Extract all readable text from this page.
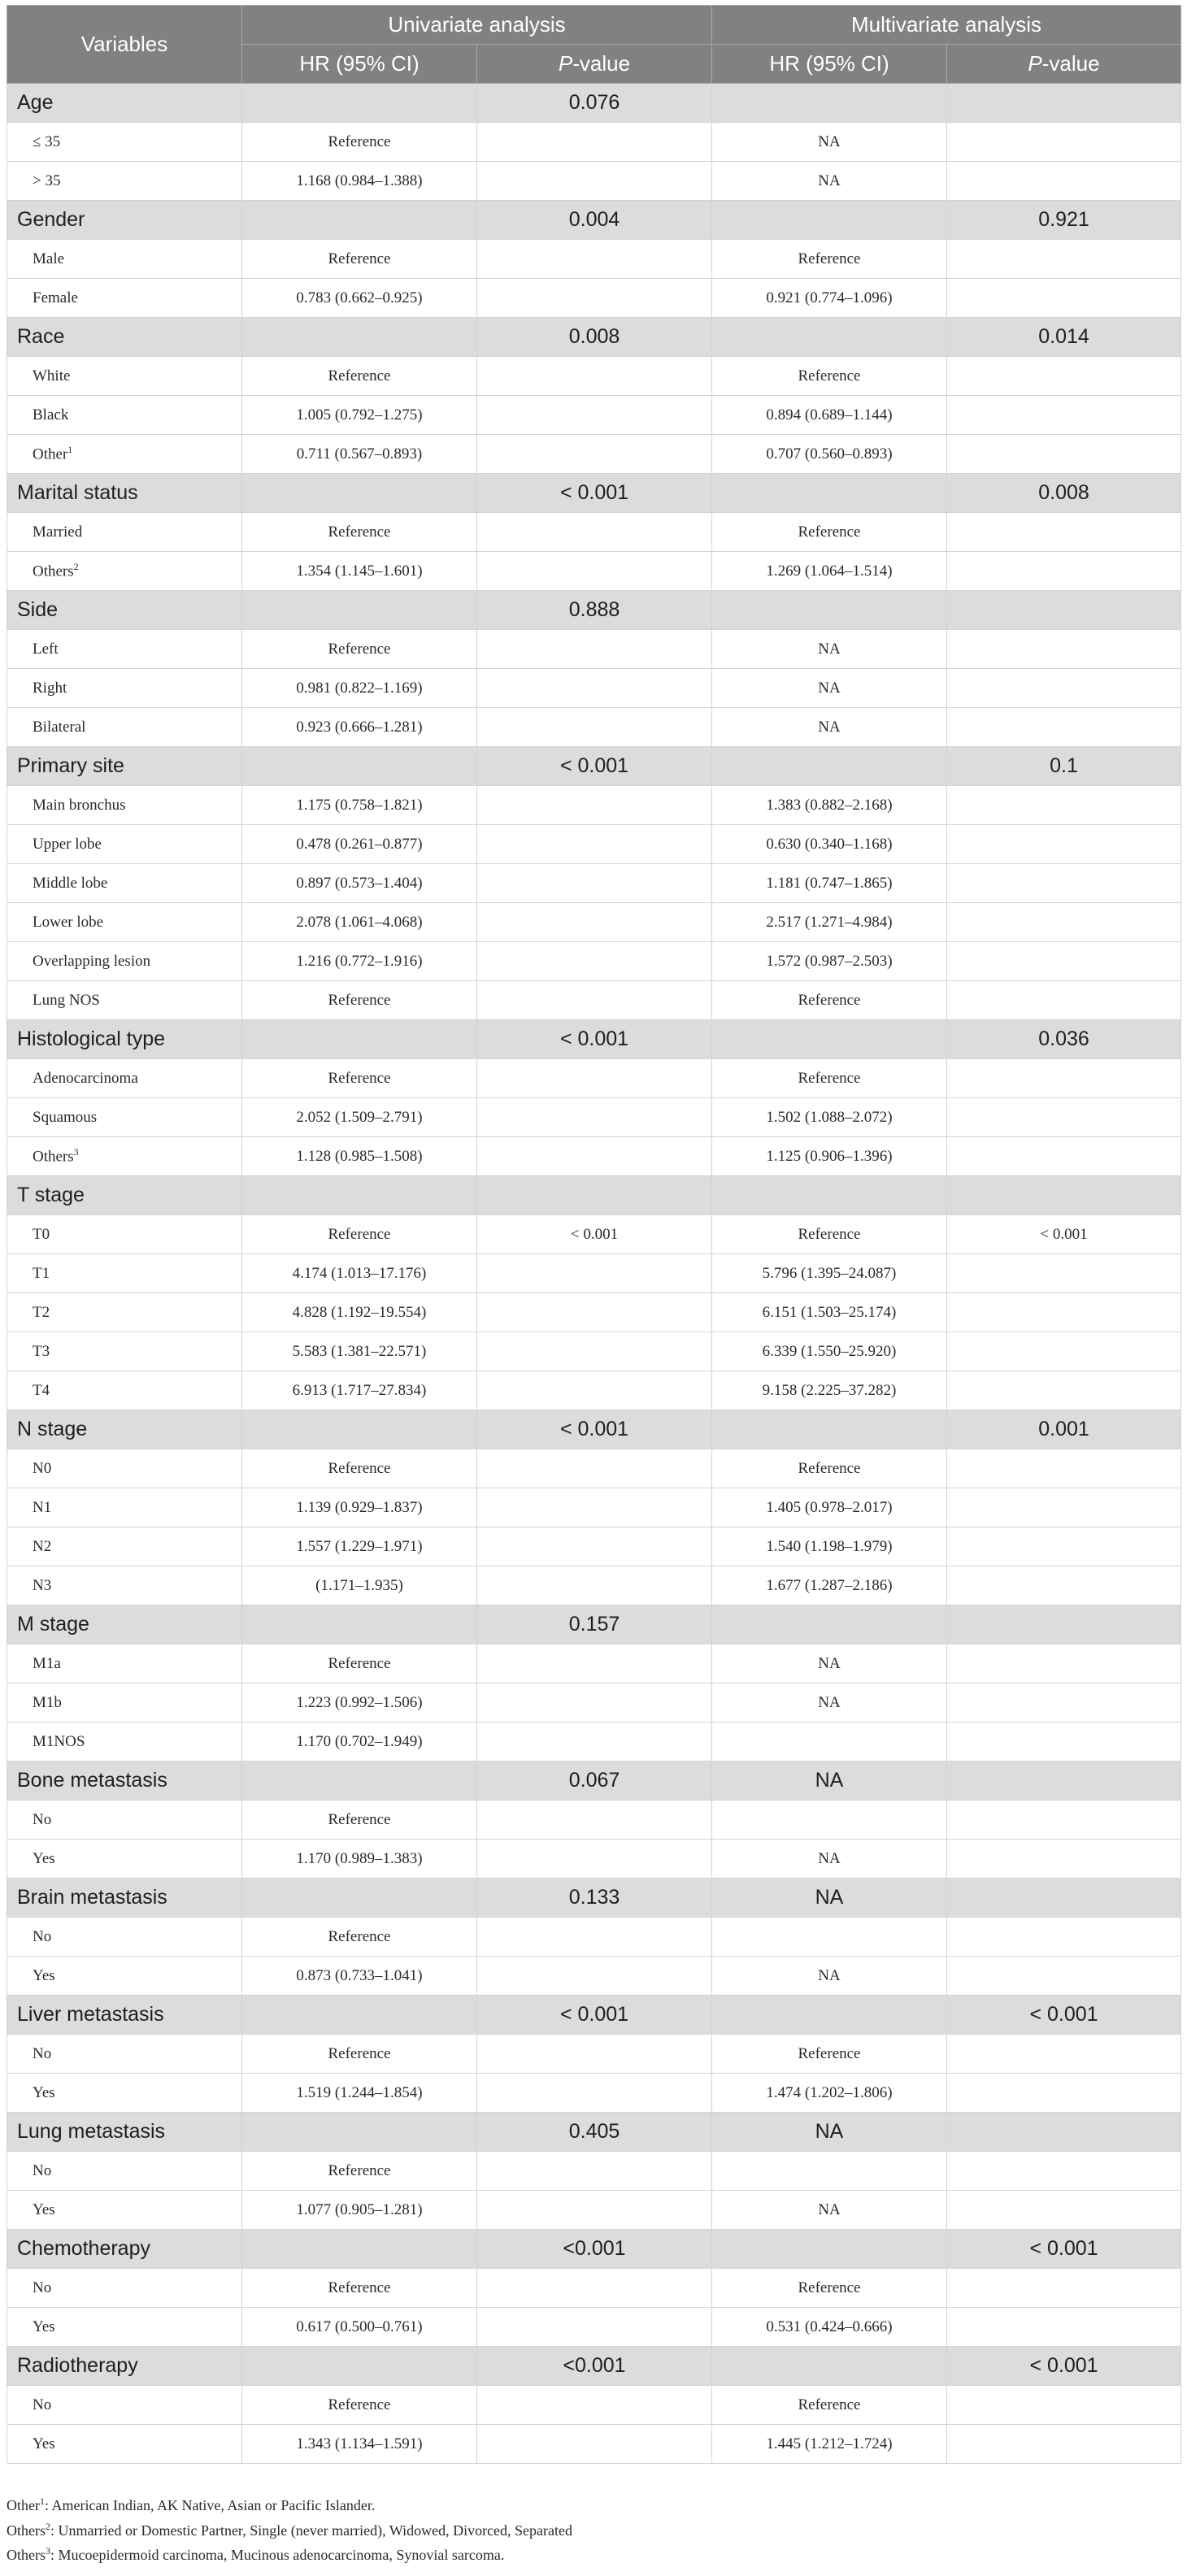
Variables	Univariate analysis		Multivariate analysis	
	HR (95% CI)	P-value	HR (95% CI)	P-value
Age		0.076		
≤ 35	Reference		NA	
> 35	1.168 (0.984–1.388)		NA	
Gender		0.004		0.921
Male	Reference		Reference	
Female	0.783 (0.662–0.925)		0.921 (0.774–1.096)	
Race		0.008		0.014
White	Reference		Reference	
Black	1.005 (0.792–1.275)		0.894 (0.689–1.144)	
Other$^1$	0.711 (0.567–0.893)		0.707 (0.560–0.893)	
Marital status		< 0.001		0.008
Married	Reference		Reference	
Others$^2$	1.354 (1.145–1.601)		1.269 (1.064–1.514)	
Side		0.888		
Left	Reference		NA	
Right	0.981 (0.822–1.169)		NA	
Bilateral	0.923 (0.666–1.281)		NA	
Primary site		< 0.001		0.1
Main bronchus	1.175 (0.758–1.821)		1.383 (0.882–2.168)	
Upper lobe	0.478 (0.261–0.877)		0.630 (0.340–1.168)	
Middle lobe	0.897 (0.573–1.404)		1.181 (0.747–1.865)	
Lower lobe	2.078 (1.061–4.068)		2.517 (1.271–4.984)	
Overlapping lesion	1.216 (0.772–1.916)		1.572 (0.987–2.503)	
Lung NOS	Reference		Reference	
Histological type		< 0.001		0.036
Adenocarcinoma	Reference		Reference	
Squamous	2.052 (1.509–2.791)		1.502 (1.088–2.072)	
Others$^3$	1.128 (0.985–1.508)		1.125 (0.906–1.396)	
T stage				
T0	Reference	< 0.001	Reference	< 0.001
T1	4.174 (1.013–17.176)		5.796 (1.395–24.087)	
T2	4.828 (1.192–19.554)		6.151 (1.503–25.174)	
T3	5.583 (1.381–22.571)		6.339 (1.550–25.920)	
T4	6.913 (1.717–27.834)		9.158 (2.225–37.282)	
N stage		< 0.001		0.001
N0	Reference		Reference	
N1	1.139 (0.929–1.837)		1.405 (0.978–2.017)	
N2	1.557 (1.229–1.971)		1.540 (1.198–1.979)	
N3	(1.171–1.935)		1.677 (1.287–2.186)	
M stage		0.157		
M1a	Reference		NA	
M1b	1.223 (0.992–1.506)		NA	
M1NOS	1.170 (0.702–1.949)			
Bone metastasis		0.067	NA	
No	Reference			
Yes	1.170 (0.989–1.383)		NA	
Brain metastasis		0.133	NA	
No	Reference			
Yes	0.873 (0.733–1.041)		NA	
Liver metastasis		< 0.001		< 0.001
No	Reference		Reference	
Yes	1.519 (1.244–1.854)		1.474 (1.202–1.806)	
Lung metastasis		0.405	NA	
No	Reference			
Yes	1.077 (0.905–1.281)		NA	
Chemotherapy		<0.001		< 0.001
No	Reference		Reference	
Yes	0.617 (0.500–0.761)		0.531 (0.424–0.666)	
Radiotherapy		<0.001		< 0.001
No	Reference		Reference	
Yes	1.343 (1.134–1.591)		1.445 (1.212–1.724)	
Other$^1$: American Indian, AK Native, Asian or Pacific Islander.
Others$^2$: Unmarried or Domestic Partner, Single (never married), Widowed, Divorced, Separated
Others$^3$: Mucoepidermoid carcinoma, Mucinous adenocarcinoma, Synovial sarcoma.
